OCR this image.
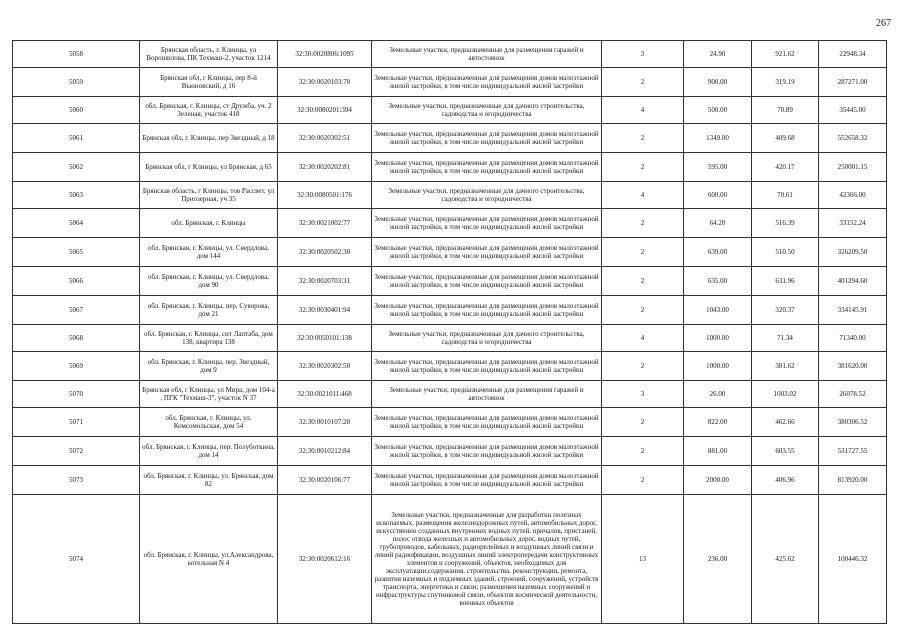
267
5058	Брянская область, г. Клинцы, ул Ворошилова, ПК Техмаш-2, участок 1214	32:30:0020806:1095	Земельные участки, предназначенные для размещения гаражей и автостоянок	3	24.90	921.62	22948.34
5059	Брянская обл, г Клинцы, пер 8-й Вьюновский, д 16	32:30:0020103:70	Земельные участки, предназначенные для размещения домов малоэтажной жилой застройки, в том числе индивидуальной жилой застройки	2	900.00	319.19	287271.00
5060	обл. Брянская, г. Клинцы, ст Дружба, уч. 2 Зеленая, участок 418	32:30:0080201:394	Земельные участки, предназначенные для дачного строительства, садоводства и огородничества	4	500.00	70.89	35445.00
5061	Брянская обл, г. Клинцы, пер Звездный, д 18	32:30:0020302:51	Земельные участки, предназначенные для размещения домов малоэтажной жилой застройки, в том числе индивидуальной жилой застройки	2	1349.00	409.68	552658.32
5062	Брянская обл, г Клинцы, ул Брянская, д 65	32:30:0020202:81	Земельные участки, предназначенные для размещения домов малоэтажной жилой застройки, в том числе индивидуальной жилой застройки	2	595.00	420.17	250001.15
5063	Брянская область, г Клинцы, тов Рассвет, ул Приозерная, уч 35	32:30:0080501:176	Земельные участки, предназначенные для дачного строительства, садоводства и огородничества	4	600.00	70.61	42366.00
5064	обл. Брянская, г. Клинцы	32:30:0021002:77	Земельные участки, предназначенные для размещения домов малоэтажной жилой застройки, в том числе индивидуальной жилой застройки	2	64.20	516.39	33152.24
5065	обл. Брянская, г. Клинцы, ул. Свердлова, дом 144	32:30:0020502:30	Земельные участки, предназначенные для размещения домов малоэтажной жилой застройки, в том числе индивидуальной жилой застройки	2	639.00	510.50	326209.50
5066	обл. Брянская, г. Клинцы, ул. Свердлова, дом 90	32:30:0020703:31	Земельные участки, предназначенные для размещения домов малоэтажной жилой застройки, в том числе индивидуальной жилой застройки	2	635.00	631.96	401294.60
5067	обл. Брянская, г. Клинцы, пер. Суворова, дом 21	32:30:0030401:94	Земельные участки, предназначенные для размещения домов малоэтажной жилой застройки, в том числе индивидуальной жилой застройки	2	1043.00	320.37	334145.91
5068	обл. Брянская, г. Клинцы, снт Лаптаба, дом 138, квартира 138	32:30:0050101:138	Земельные участки, предназначенные для дачного строительства, садоводства и огородничества	4	1000.00	71.34	71340.00
5069	обл. Брянская, г. Клинцы, пер. Звездный, дом 9	32:30:0020302:50	Земельные участки, предназначенные для размещения домов малоэтажной жилой застройки, в том числе индивидуальной жилой застройки	2	1000.00	381.62	381620.00
5070	Брянская обл, г Клинцы, ул Мира, дом 104-а , ПГК "Техмаш-3", участок N 37	32:30:0021011:468	Земельные участки, предназначенные для размещения гаражей и автостоянок	3	26.00	1003.02	26078.52
5071	обл. Брянская, г. Клинцы, ул. Комсомольская, дом 54	32:30:0010107:28	Земельные участки, предназначенные для размещения домов малоэтажной жилой застройки, в том числе индивидуальной жилой застройки	2	822.00	462.66	380306.52
5072	обл. Брянская, г. Клинцы, пер. Полуботкина, дом 14	32:30:0010212:84	Земельные участки, предназначенные для размещения домов малоэтажной жилой застройки, в том числе индивидуальной жилой застройки	2	881.00	603.55	531727.55
5073	обл. Брянская, г. Клинцы, ул. Брянская, дом 82	32:30:0020106:77	Земельные участки, предназначенные для размещения домов малоэтажной жилой застройки, в том числе индивидуальной жилой застройки	2	2000.00	406.96	813920.00
5074	обл. Брянская, г. Клинцы, ул.Александрова, котельная N 4	32:30:0020612:16	Земельные участки, предназначенные для разработки полезных ископаемых, размещения железнодорожных путей, автомобильных дорог, искусственно созданных внутренних водных путей, причалов, пристаней, полос отвода железных и автомобильных дорог, водных путей, трубопроводов, кабельных, радиорелейных и воздушных линий связи и линий радиофикации, воздушных линий электропередачи конструктивных элементов и сооружений, объектов, необходимых для эксплуатации,содержания, строительства, реконструкции, ремонта, развития наземных и подземных зданий, строений, сооружений, устройств транспорта, энергетики и связи; размещения наземных сооружений и инфраструктуры спутниковой связи, объектов космической деятельности, военных объектов	13	236.00	425.62	100446.32
